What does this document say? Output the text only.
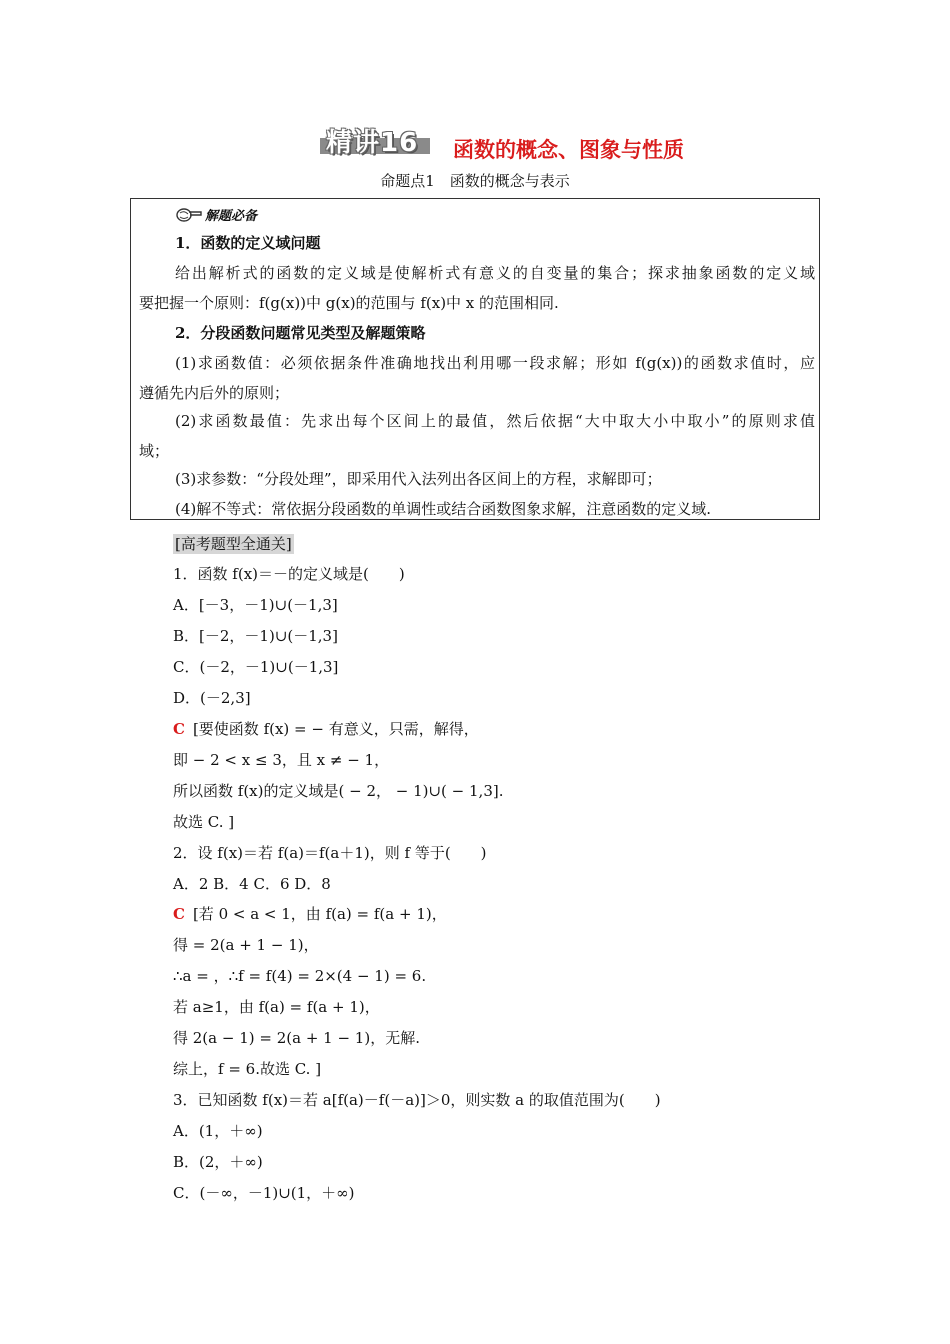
精讲16 函数的概念、图象与性质
命题点1　函数的概念与表示
解题必备
1．函数的定义域问题
给出解析式的函数的定义域是使解析式有意义的自变量的集合；探求抽象函数的定义域
要把握一个原则：f(g(x))中 g(x)的范围与 f(x)中 x 的范围相同.
2．分段函数问题常见类型及解题策略
(1)求函数值：必须依据条件准确地找出利用哪一段求解；形如 f(g(x))的函数求值时，应
遵循先内后外的原则；
(2)求函数最值：先求出每个区间上的最值，然后依据“大中取大小中取小”的原则求值
域；
(3)求参数：“分段处理”，即采用代入法列出各区间上的方程，求解即可；
(4)解不等式：常依据分段函数的单调性或结合函数图象求解，注意函数的定义域.
[高考题型全通关]
1．函数 f(x)＝－的定义域是(　　)
A．[－3，－1)∪(－1,3]
B．[－2，－1)∪(－1,3]
C．(－2，－1)∪(－1,3]
D．(－2,3]
C [要使函数 f(x) = − 有意义，只需，解得，
即 − 2 < x ≤ 3，且 x ≠ − 1，
所以函数 f(x)的定义域是( − 2， − 1)∪( − 1,3].
故选 C. ]
2．设 f(x)＝若 f(a)＝f(a＋1)，则 f 等于(　　)
A．2 B．4 C．6 D．8
C [若 0 < a < 1，由 f(a) = f(a + 1)，
得 = 2(a + 1 − 1)，
∴a = ，∴f = f(4) = 2×(4 − 1) = 6.
若 a≥1，由 f(a) = f(a + 1)，
得 2(a − 1) = 2(a + 1 − 1)，无解.
综上，f = 6.故选 C. ]
3．已知函数 f(x)＝若 a[f(a)－f(－a)]＞0，则实数 a 的取值范围为(　　)
A．(1，＋∞)
B．(2，＋∞)
C．(－∞，－1)∪(1，＋∞)
